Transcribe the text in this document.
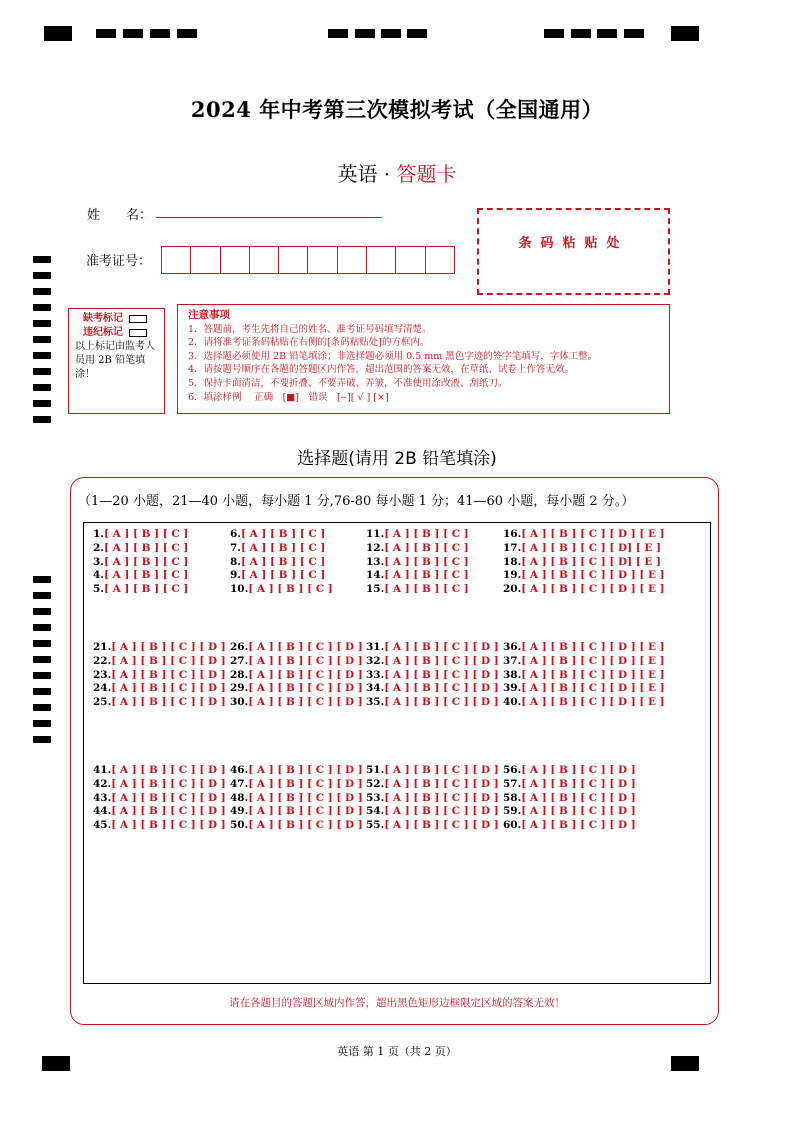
2024 年中考第三次模拟考试（全国通用）
英语 · 答题卡
姓　　名：
准考证号：
条码粘贴处
缺考标记
违纪标记
以上标记由监考人员用 2B 铅笔填涂！
注意事项
1．答题前，考生先将自己的姓名、准考证号码填写清楚。
2．请将准考证条码粘贴在右侧的[条码粘贴处]的方框内。
3．选择题必须使用 2B 铅笔填涂；非选择题必须用 0.5 mm 黑色字迹的签字笔填写，字体工整。
4．请按题号顺序在各题的答题区内作答，超出范围的答案无效，在草纸、试卷上作答无效。
5．保持卡面清洁，不要折叠、不要弄破、弄皱，不准使用涂改液、刮纸刀。
6．填涂样例　 正确　[■]　错误　[--][ √ ] [×]
选择题(请用 2B 铅笔填涂)
（1—20 小题，21—40 小题，每小题 1 分,76-80 每小题 1 分；41—60 小题，每小题 2 分。）
1.[ A ] [ B ] [ C ]
2.[ A ] [ B ] [ C ]
3.[ A ] [ B ] [ C ]
4.[ A ] [ B ] [ C ]
5.[ A ] [ B ] [ C ]
6.[ A ] [ B ] [ C ]
7.[ A ] [ B ] [ C ]
8.[ A ] [ B ] [ C ]
9.[ A ] [ B ] [ C ]
10.[ A ] [ B ] [ C ]
11.[ A ] [ B ] [ C ]
12.[ A ] [ B ] [ C ]
13.[ A ] [ B ] [ C ]
14.[ A ] [ B ] [ C ]
15.[ A ] [ B ] [ C ]
16.[ A ] [ B ] [ C ] [ D ] [ E ]
17.[ A ] [ B ] [ C ] [ D] [ E ]
18.[ A ] [ B ] [ C ] [ D] [ E ]
19.[ A ] [ B ] [ C ] [ D ] [ E ]
20.[ A ] [ B ] [ C ] [ D ] [ E ]
21.[ A ] [ B ] [ C ] [ D ]
22.[ A ] [ B ] [ C ] [ D ]
23.[ A ] [ B ] [ C ] [ D ]
24.[ A ] [ B ] [ C ] [ D ]
25.[ A ] [ B ] [ C ] [ D ]
26.[ A ] [ B ] [ C ] [ D ]
27.[ A ] [ B ] [ C ] [ D ]
28.[ A ] [ B ] [ C ] [ D ]
29.[ A ] [ B ] [ C ] [ D ]
30.[ A ] [ B ] [ C ] [ D ]
31.[ A ] [ B ] [ C ] [ D ]
32.[ A ] [ B ] [ C ] [ D ]
33.[ A ] [ B ] [ C ] [ D ]
34.[ A ] [ B ] [ C ] [ D ]
35.[ A ] [ B ] [ C ] [ D ]
36.[ A ] [ B ] [ C ] [ D ] [ E ]
37.[ A ] [ B ] [ C ] [ D ] [ E ]
38.[ A ] [ B ] [ C ] [ D ] [ E ]
39.[ A ] [ B ] [ C ] [ D ] [ E ]
40.[ A ] [ B ] [ C ] [ D ] [ E ]
41.[ A ] [ B ] [ C ] [ D ]
42.[ A ] [ B ] [ C ] [ D ]
43.[ A ] [ B ] [ C ] [ D ]
44.[ A ] [ B ] [ C ] [ D ]
45.[ A ] [ B ] [ C ] [ D ]
46.[ A ] [ B ] [ C ] [ D ]
47.[ A ] [ B ] [ C ] [ D ]
48.[ A ] [ B ] [ C ] [ D ]
49.[ A ] [ B ] [ C ] [ D ]
50.[ A ] [ B ] [ C ] [ D ]
51.[ A ] [ B ] [ C ] [ D ]
52.[ A ] [ B ] [ C ] [ D ]
53.[ A ] [ B ] [ C ] [ D ]
54.[ A ] [ B ] [ C ] [ D ]
55.[ A ] [ B ] [ C ] [ D ]
56.[ A ] [ B ] [ C ] [ D ]
57.[ A ] [ B ] [ C ] [ D ]
58.[ A ] [ B ] [ C ] [ D ]
59.[ A ] [ B ] [ C ] [ D ]
60.[ A ] [ B ] [ C ] [ D ]
请在各题目的答题区域内作答，超出黑色矩形边框限定区域的答案无效！
英语 第 1 页（共 2 页）
